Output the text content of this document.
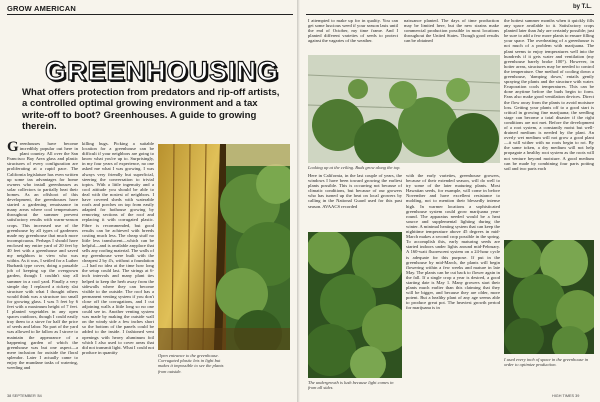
GROW AMERICAN
GREENHOUSING
What offers protection from predators and rip-off artists, a controlled optimal growing environment and a tax write-off to boot? Greenhouses. A guide to growing therein.
Greenhouses have become incredibly popular out here in plant country. All over the San Francisco Bay Area glass and plastic structures of every configuration are proliferating at a rapid pace. The California legislature has even written up some tax advantages for home owners who install greenhouses as solar collectors to partially heat their homes. As an offshoot of this development, the greenhouses have started a gardening renaissance in many areas where cool temperatures throughout the summer prevent satisfactory results with warm-season crops. This increased use of the greenhouse by all types of gardeners made my greenhouse that much more inconspicuous. Perhaps I should have enclosed my entire yard of 20 feet by 40 feet with a greenhouse and saved my neighbors to view who was within. As it was, I settled for a Luther Burbank type cover, doing a passable job of keeping up the overgrown garden, though I couldn't stay all summer in a cool yard. Finally a very simple day I replaced a rickety slat structure with what I thought others would think was a structure too small for growing glass. I was 5 feet by 6 feet with a maximum height of 7 feet. I planted vegetables in any open spaces outdoors, though I could easily tray them to a stove for half the price of seeds and labor. No part of the yard was allowed to lie fallow as I strove to maintain the appearance of a happening garden of which the greenhouse was but one aspect—a mere inclusion for outside the floral splendor. Later I actually came to enjoy the mundane tasks of watering, weeding and
killing bugs. Picking a suitable location for a greenhouse can be difficult if your neighbors are going to know what you're up to. Surprisingly, in my four years of experience, no one asked me what I was growing. I was always very friendly but superficial, steering the conversation to trivial topics. With a little ingenuity and a cool attitude you should be able to deal with the nosiest of neighbors. I have covered sheds with waterable roofs and porches on top from easily adapted for hothouse growing by removing sections of the roof and replacing it with corrugated plastic. Fibre is recommended, but good results can be achieved with breeds costing much less. The cheap stuff no little less translucent—which can be helpful—and is available anyplace that sells any roofing material. The walls of my greenhouse were built with the cheapest 2 by 4's, without a foundation—I had no idea at the time how long the setup could last. The strings at 6-inch intervals and many plant ties helped to keep the herb away from the sidewalls where they can become visible to the outside. The roof has a permanent venting system if you don't close off the corrugations, and I cut adjoining walls a little long so no one could see in. Another venting system was made by making the outside wall on the windy side a few inches short so the bottom of the panels could be added to the inside. I fashioned vent openings with heavy aluminum foil which I also used to cover areas that did not transmit light. What I could not produce in quantity
Open entrance to the greenhouse. Corrugated plastic lets in light but makes it impossible to see the plants from outside.
38 SEPTEMBER '84
by T.L.
I attempted to make up for in quality. You can get some luscious weed if your season lasts until the end of October, my time frame. And I planted different varieties of seeds to protect against the vagaries of the weather.
naissance planted. The days of time production may be limited here, but the new strains make commercial production possible in most locations throughout the United States. Though good results can be obtained
Looking up at the ceiling. Buds grow along the top.
Here in California, in the last couple of years, the windows I have been toward growing the earliest plants possible. This is occurring not because of climatic conditions, but because of our growers who has turned up the heat on local growers by calling in the National Guard used for this past season. AVAACS recorded
with the early varieties, greenhouse growers, because of their extended season, will do well to try some of the later maturing plants. Most Hawaiian seeds, for example, will come in before November and have excellent resistance to molding, not to mention their blessedly intense high. In warmer locations a sophisticated greenhouse system could grow marijuana year-round. The apparatus needed would be a heat source and supplemental lighting during the winter. A minimal heating system that can keep the nighttime temperature above 45 degrees in mid-March makes a second crop possible in the spring. To accomplish this, early maturing seeds are started indoors under lights around mid-February. A 160-watt fluorescent system on a 24-hour cycle is adequate for this purpose. If put in the greenhouse by mid-March, the plants will begin flowering within a few weeks and mature in late May. The plants can be cut back to flower again in the fall. If a single crop a year is desired, a good starting date is May 1. Many growers start their plants much earlier than this claiming that they will be bigger, and because they are older, more potent. But a healthy plant of any age seems able to produce great pot. The heaviest growth period for marijuana is in
The undergrowth is lush because light comes in from all sides.
the hottest summer months when it quickly fills any space available to it. Satisfactory crops planted later than July are certainly possible; just be sure to add a few more plants to ensure filling your space. The overheating of a greenhouse is not much of a problem with marijuana. The plant seems to enjoy temperatures well into the hundreds if it gets water and ventilation (my greenhouse barely broke 100°). However, in hotter areas, structures may be needed to control the temperature. One method of cooling down a greenhouse, 'damping down,' entails gently spraying the plants and the structure with water. Evaporation cools temperatures. This can be done anytime before the buds begin to form. Fans also make good ventilation devices. Direct the flow away from the plants to avoid moisture loss. Getting your plants off to a good start is critical in growing fine marijuana; the seedling stage can become a total disaster if the right conditions are not met. Before the development of a root system, a constantly moist but well-drained medium is needed by the plant. An overly wet medium will not grow a good plant—it will wither with no roots begin to rot. By the same token, a dry medium will not help propagate a healthy root system as the roots will not venture beyond moisture. A good medium can be made by combining four parts potting soil and two parts each
I used every inch of space in the greenhouse in order to optimize production.
HIGH TIMES 39
